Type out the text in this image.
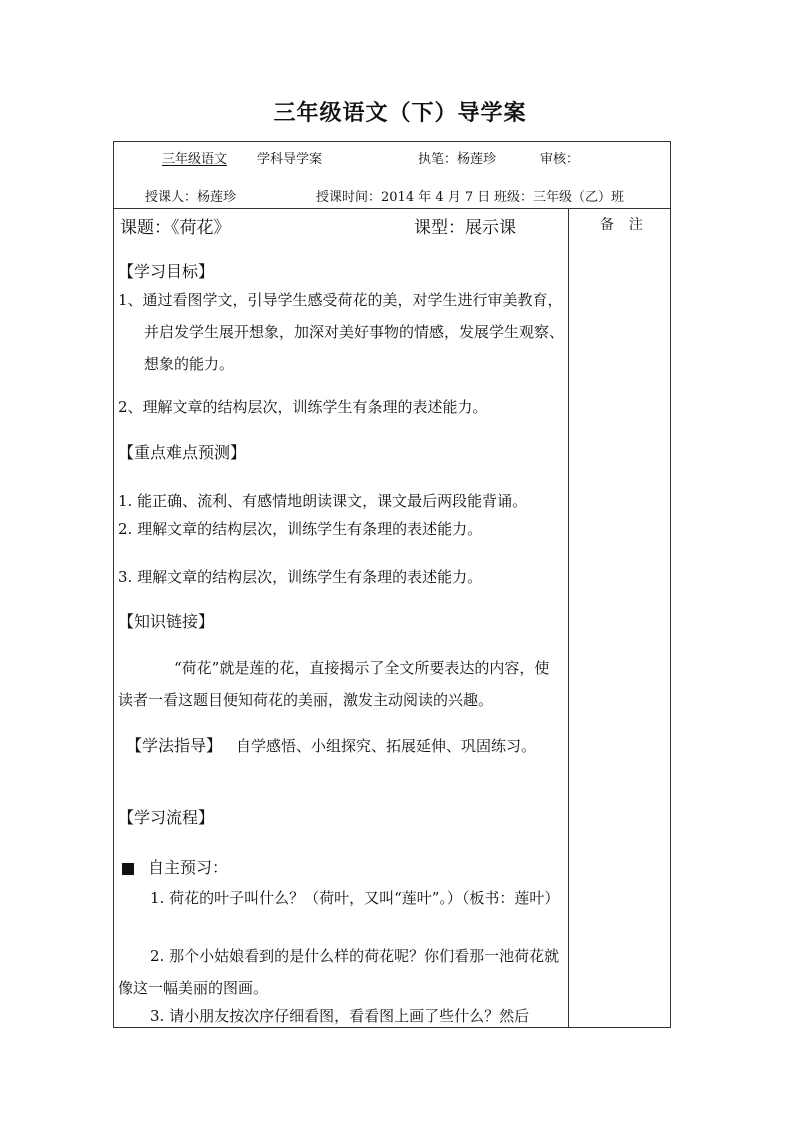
三年级语文（下）导学案
三年级语文 学科导学案	执笔：杨莲珍	审核：
授课人：杨莲珍	授课时间：2014 年 4 月 7 日 班级：三年级（乙）班
课题：《荷花》	课型：展示课	备  注
【学习目标】
1、通过看图学文，引导学生感受荷花的美，对学生进行审美教育，并启发学生展开想象，加深对美好事物的情感，发展学生观察、想象的能力。
2、理解文章的结构层次，训练学生有条理的表述能力。
【重点难点预测】
1. 能正确、流利、有感情地朗读课文，课文最后两段能背诵。
2. 理解文章的结构层次，训练学生有条理的表述能力。
3. 理解文章的结构层次，训练学生有条理的表述能力。
【知识链接】
“荷花”就是莲的花，直接揭示了全文所要表达的内容，使读者一看这题目便知荷花的美丽，激发主动阅读的兴趣。
【学法指导】 自学感悟、小组探究、拓展延伸、巩固练习。
【学习流程】
自主预习：
1. 荷花的叶子叫什么？（荷叶，又叫“莲叶”。）（板书：莲叶）
2. 那个小姑娘看到的是什么样的荷花呢？你们看那一池荷花就像这一幅美丽的图画。
3. 请小朋友按次序仔细看图，看看图上画了些什么？然后
